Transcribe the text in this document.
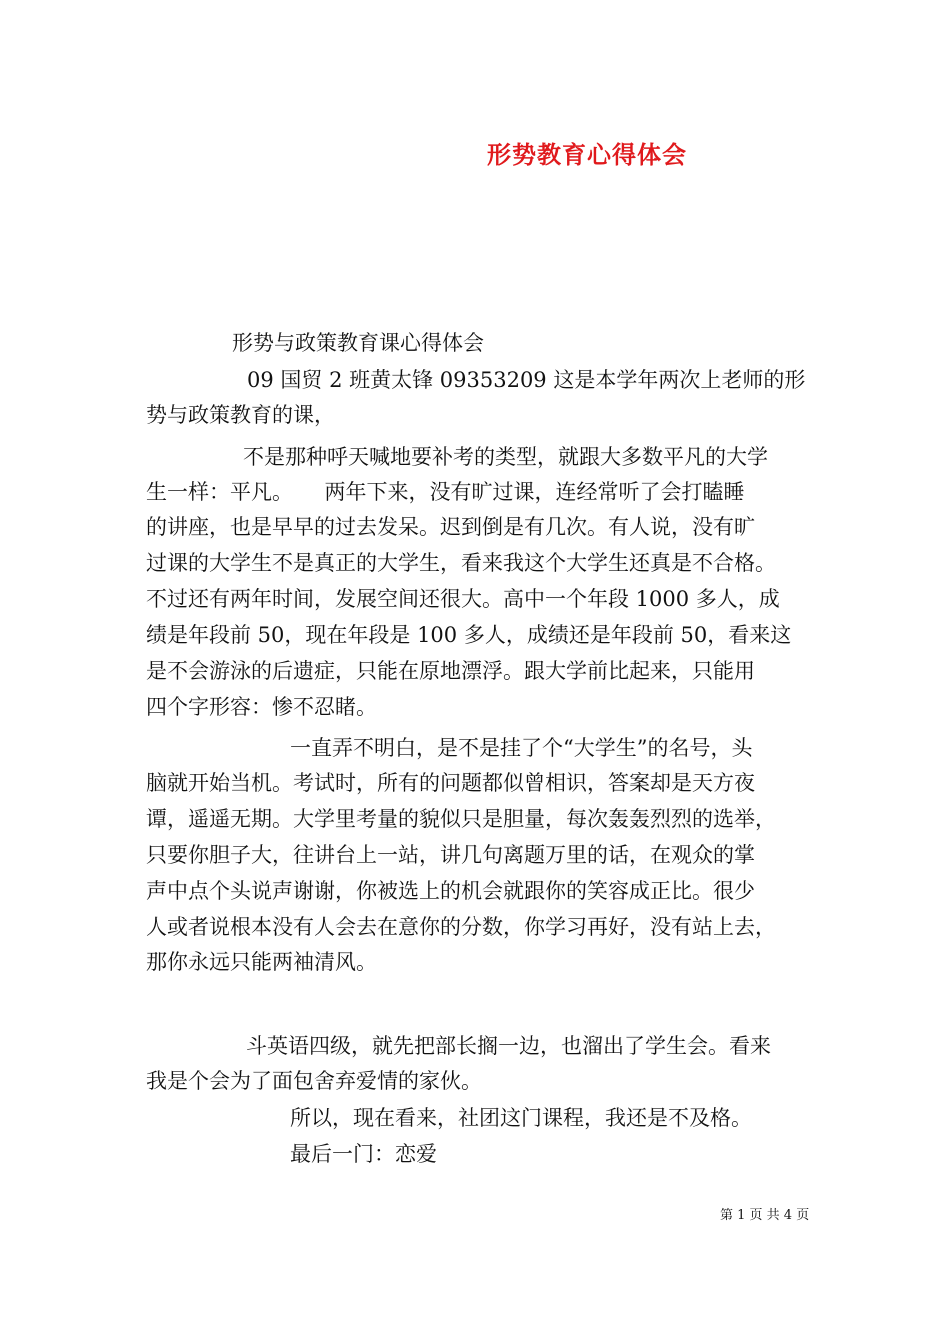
形势教育心得体会

形势与政策教育课心得体会

09 国贸 2 班黄太锋 09353209 这是本学年两次上老师的形

势与政策教育的课，

不是那种呼天喊地要补考的类型，就跟大多数平凡的大学

生一样：平凡。　　两年下来，没有旷过课，连经常听了会打瞌睡

的讲座，也是早早的过去发呆。迟到倒是有几次。有人说，没有旷

过课的大学生不是真正的大学生，看来我这个大学生还真是不合格。

不过还有两年时间，发展空间还很大。高中一个年段 1000 多人，成

绩是年段前 50，现在年段是 100 多人，成绩还是年段前 50，看来这

是不会游泳的后遗症，只能在原地漂浮。跟大学前比起来，只能用

四个字形容：惨不忍睹。

一直弄不明白，是不是挂了个“大学生”的名号，头

脑就开始当机。考试时，所有的问题都似曾相识，答案却是天方夜

谭，遥遥无期。大学里考量的貌似只是胆量，每次轰轰烈烈的选举，

只要你胆子大，往讲台上一站，讲几句离题万里的话，在观众的掌

声中点个头说声谢谢，你被选上的机会就跟你的笑容成正比。很少

人或者说根本没有人会去在意你的分数，你学习再好，没有站上去，

那你永远只能两袖清风。

斗英语四级，就先把部长搁一边，也溜出了学生会。看来

我是个会为了面包舍弃爱情的家伙。

所以，现在看来，社团这门课程，我还是不及格。

最后一门：恋爱

第 1 页 共 4 页
